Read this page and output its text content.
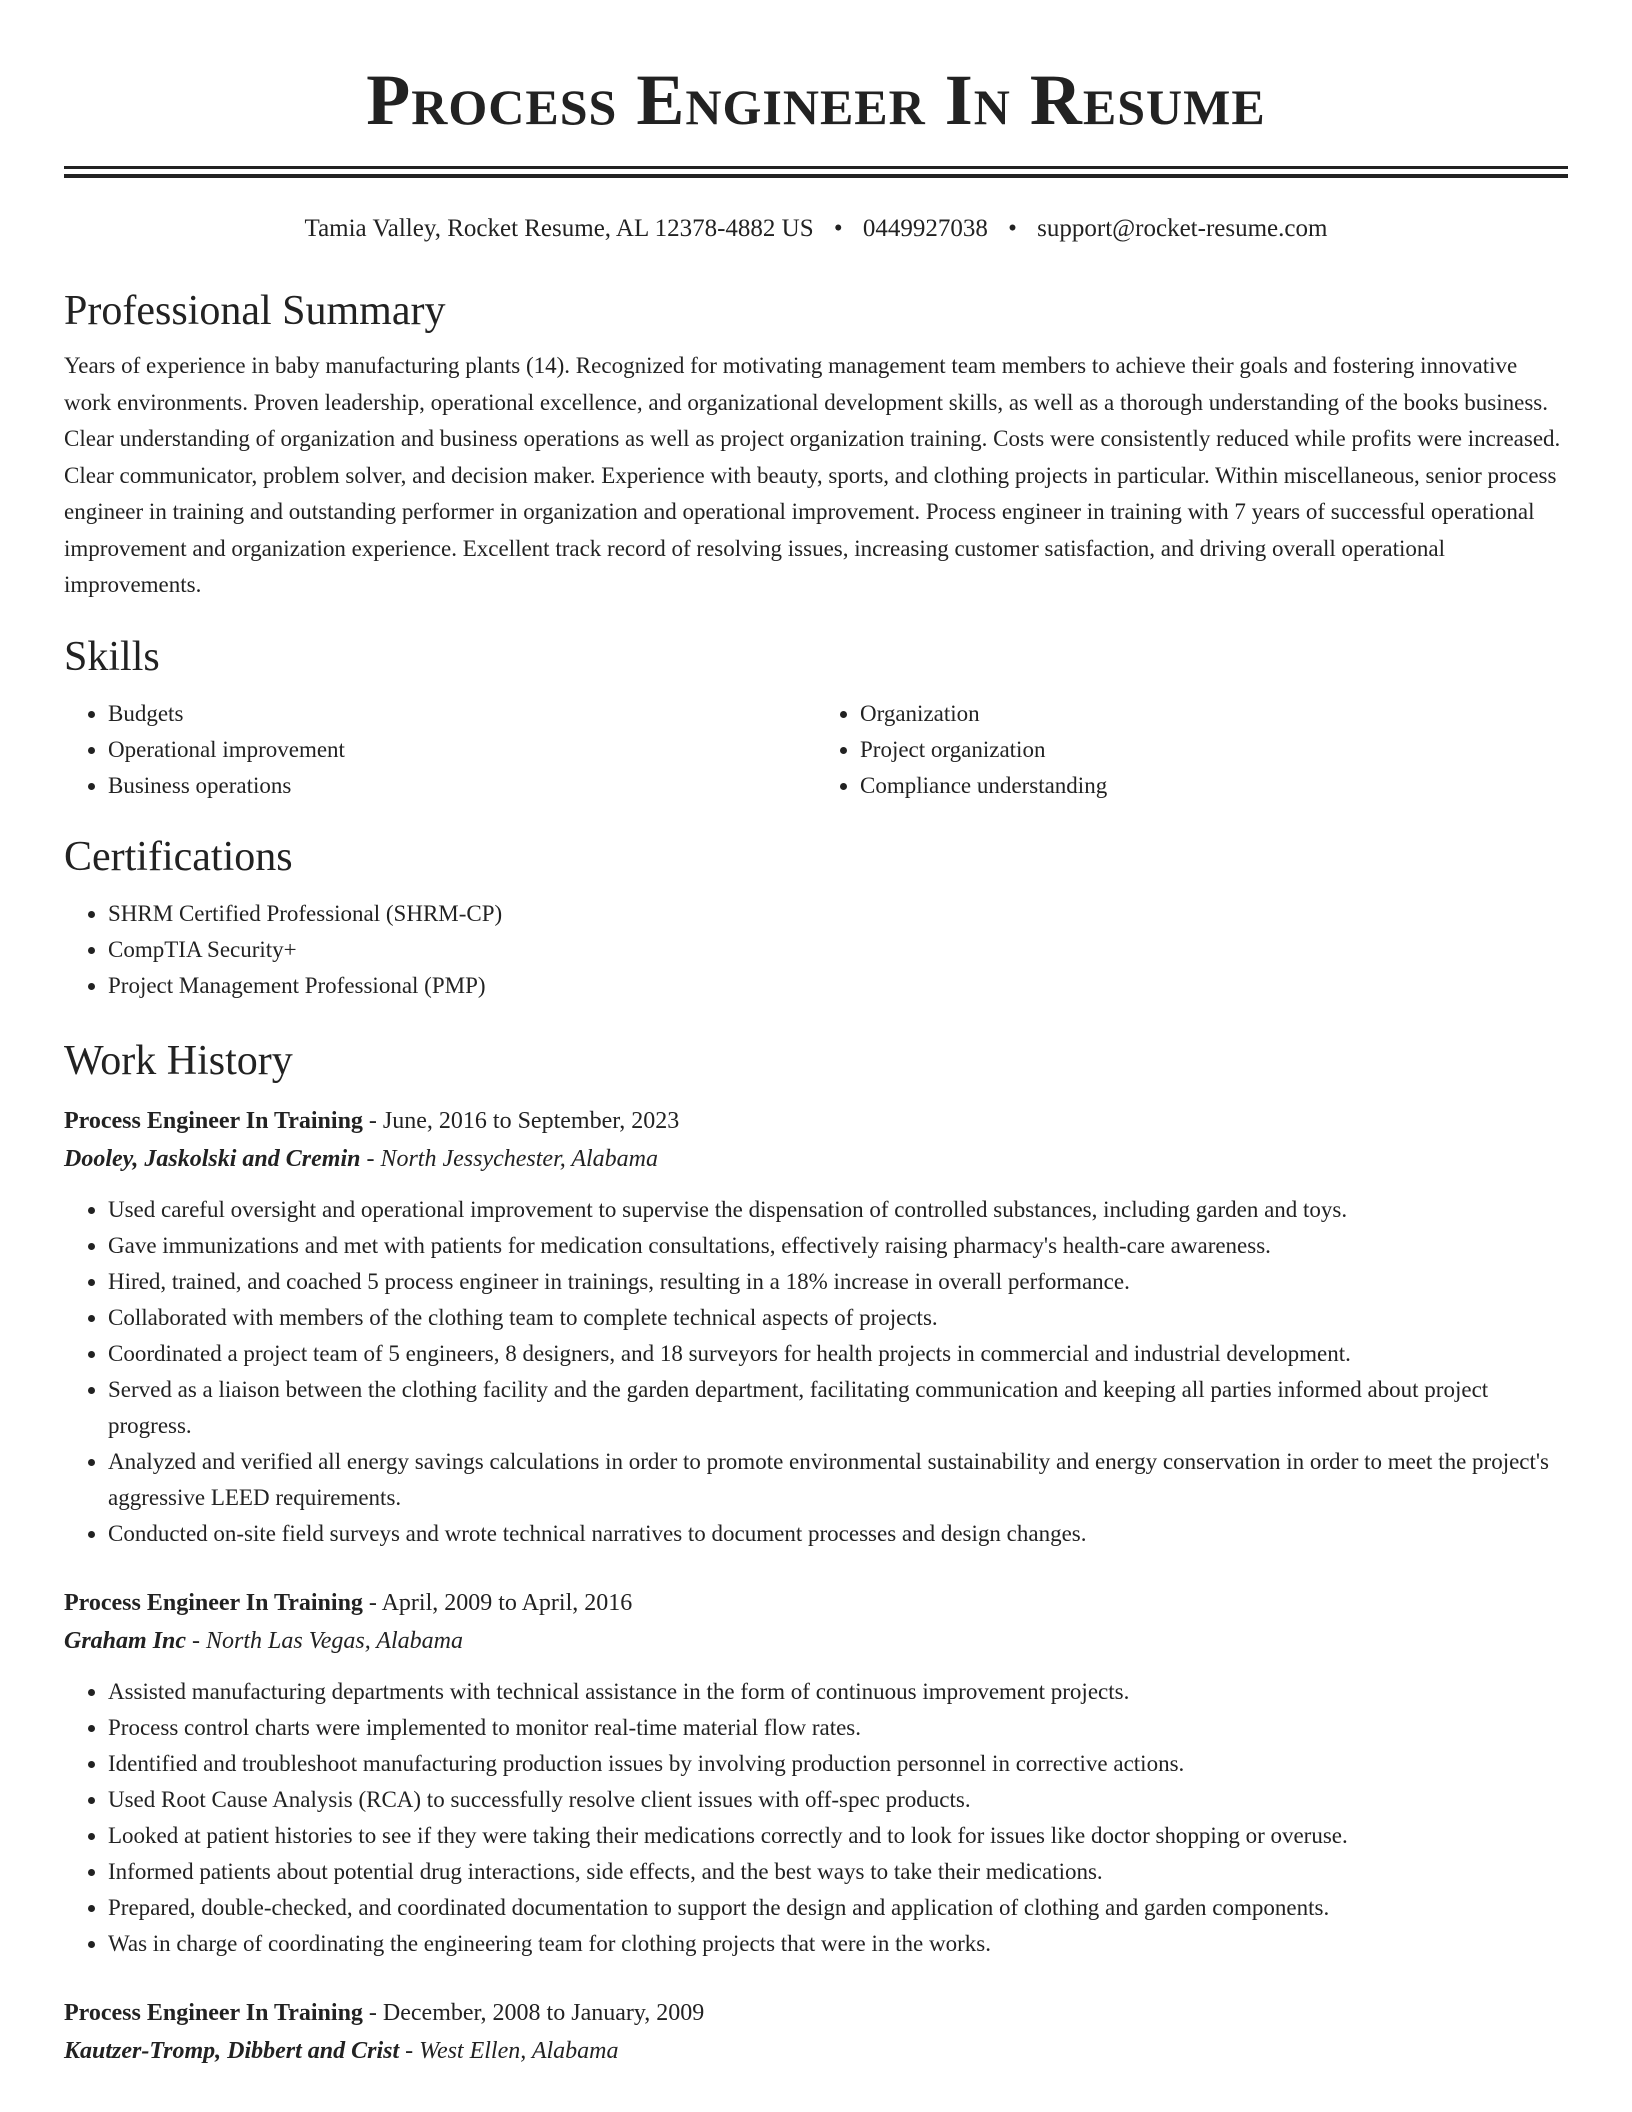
Process Engineer In Resume
Tamia Valley, Rocket Resume, AL 12378-4882 US • 0449927038 • support@rocket-resume.com
Professional Summary
Years of experience in baby manufacturing plants (14). Recognized for motivating management team members to achieve their goals and fostering innovative work environments. Proven leadership, operational excellence, and organizational development skills, as well as a thorough understanding of the books business. Clear understanding of organization and business operations as well as project organization training. Costs were consistently reduced while profits were increased. Clear communicator, problem solver, and decision maker. Experience with beauty, sports, and clothing projects in particular. Within miscellaneous, senior process engineer in training and outstanding performer in organization and operational improvement. Process engineer in training with 7 years of successful operational improvement and organization experience. Excellent track record of resolving issues, increasing customer satisfaction, and driving overall operational improvements.
Skills
• Budgets
• Operational improvement
• Business operations
• Organization
• Project organization
• Compliance understanding
Certifications
• SHRM Certified Professional (SHRM-CP)
• CompTIA Security+
• Project Management Professional (PMP)
Work History
Process Engineer In Training - June, 2016 to September, 2023
Dooley, Jaskolski and Cremin - North Jessychester, Alabama
• Used careful oversight and operational improvement to supervise the dispensation of controlled substances, including garden and toys.
• Gave immunizations and met with patients for medication consultations, effectively raising pharmacy's health-care awareness.
• Hired, trained, and coached 5 process engineer in trainings, resulting in a 18% increase in overall performance.
• Collaborated with members of the clothing team to complete technical aspects of projects.
• Coordinated a project team of 5 engineers, 8 designers, and 18 surveyors for health projects in commercial and industrial development.
• Served as a liaison between the clothing facility and the garden department, facilitating communication and keeping all parties informed about project progress.
• Analyzed and verified all energy savings calculations in order to promote environmental sustainability and energy conservation in order to meet the project's aggressive LEED requirements.
• Conducted on-site field surveys and wrote technical narratives to document processes and design changes.
Process Engineer In Training - April, 2009 to April, 2016
Graham Inc - North Las Vegas, Alabama
• Assisted manufacturing departments with technical assistance in the form of continuous improvement projects.
• Process control charts were implemented to monitor real-time material flow rates.
• Identified and troubleshoot manufacturing production issues by involving production personnel in corrective actions.
• Used Root Cause Analysis (RCA) to successfully resolve client issues with off-spec products.
• Looked at patient histories to see if they were taking their medications correctly and to look for issues like doctor shopping or overuse.
• Informed patients about potential drug interactions, side effects, and the best ways to take their medications.
• Prepared, double-checked, and coordinated documentation to support the design and application of clothing and garden components.
• Was in charge of coordinating the engineering team for clothing projects that were in the works.
Process Engineer In Training - December, 2008 to January, 2009
Kautzer-Tromp, Dibbert and Crist - West Ellen, Alabama
